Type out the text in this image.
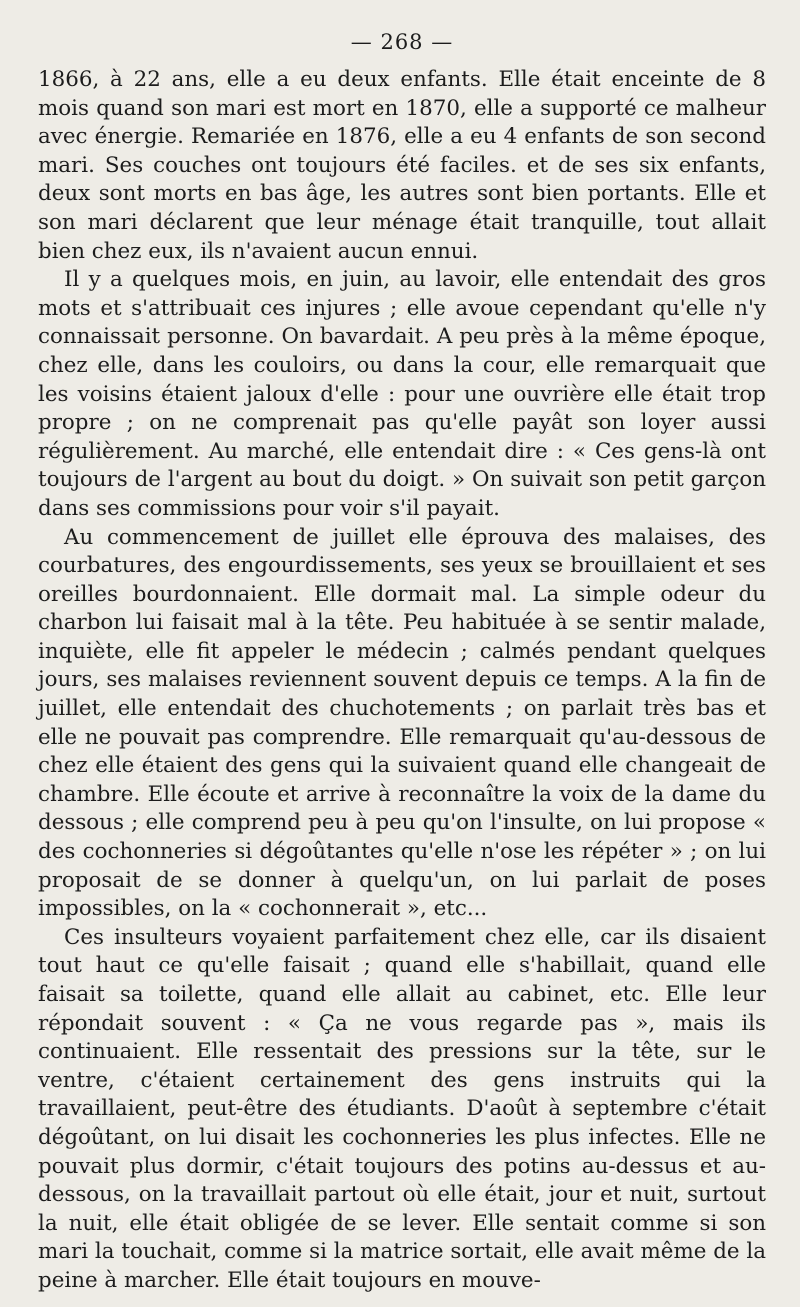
— 268 —

1866, à 22 ans, elle a eu deux enfants. Elle était enceinte de 8 mois quand son mari est mort en 1870, elle a supporté ce malheur avec énergie. Remariée en 1876, elle a eu 4 enfants de son second mari. Ses couches ont toujours été faciles. et de ses six enfants, deux sont morts en bas âge, les autres sont bien portants. Elle et son mari déclarent que leur ménage était tranquille, tout allait bien chez eux, ils n'avaient aucun ennui.

Il y a quelques mois, en juin, au lavoir, elle entendait des gros mots et s'attribuait ces injures ; elle avoue cependant qu'elle n'y connaissait personne. On bavardait. A peu près à la même époque, chez elle, dans les couloirs, ou dans la cour, elle remarquait que les voisins étaient jaloux d'elle : pour une ouvrière elle était trop propre ; on ne comprenait pas qu'elle payât son loyer aussi régulièrement. Au marché, elle entendait dire : « Ces gens-là ont toujours de l'argent au bout du doigt. » On suivait son petit garçon dans ses commissions pour voir s'il payait.

Au commencement de juillet elle éprouva des malaises, des courbatures, des engourdissements, ses yeux se brouillaient et ses oreilles bourdonnaient. Elle dormait mal. La simple odeur du charbon lui faisait mal à la tête. Peu habituée à se sentir malade, inquiète, elle fit appeler le médecin ; calmés pendant quelques jours, ses malaises reviennent souvent depuis ce temps. A la fin de juillet, elle entendait des chuchotements ; on parlait très bas et elle ne pouvait pas comprendre. Elle remarquait qu'au-dessous de chez elle étaient des gens qui la suivaient quand elle changeait de chambre. Elle écoute et arrive à reconnaître la voix de la dame du dessous ; elle comprend peu à peu qu'on l'insulte, on lui propose « des cochonneries si dégoûtantes qu'elle n'ose les répéter » ; on lui proposait de se donner à quelqu'un, on lui parlait de poses impossibles, on la « cochonnerait », etc...

Ces insulteurs voyaient parfaitement chez elle, car ils disaient tout haut ce qu'elle faisait ; quand elle s'habillait, quand elle faisait sa toilette, quand elle allait au cabinet, etc. Elle leur répondait souvent : « Ça ne vous regarde pas », mais ils continuaient. Elle ressentait des pressions sur la tête, sur le ventre, c'étaient certainement des gens instruits qui la travaillaient, peut-être des étudiants. D'août à septembre c'était dégoûtant, on lui disait les cochonneries les plus infectes. Elle ne pouvait plus dormir, c'était toujours des potins au-dessus et au-dessous, on la travaillait partout où elle était, jour et nuit, surtout la nuit, elle était obligée de se lever. Elle sentait comme si son mari la touchait, comme si la matrice sortait, elle avait même de la peine à marcher. Elle était toujours en mouve-
